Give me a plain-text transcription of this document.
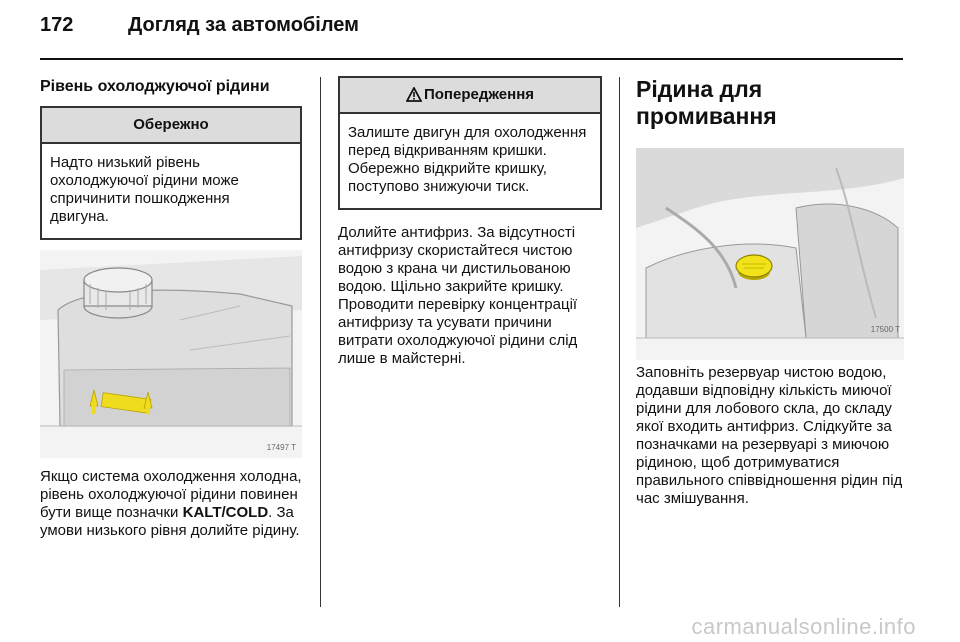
172	Догляд за автомобілем
Рівень охолоджуючої рідини
Обережно
Надто низький рівень охолоджуючої рідини може спричинити пошкодження двигуна.
17497 T
Якщо система охолодження холодна, рівень охолоджуючої рідини повинен бути вище позначки KALT/COLD. За умови низького рівня долийте рідину.
Попередження
Залиште двигун для охолодження перед відкриванням кришки. Обережно відкрийте кришку, поступово знижуючи тиск.
Долийте антифриз. За відсутності антифризу скористайтеся чистою водою з крана чи дистильованою водою. Щільно закрийте кришку. Проводити перевірку концентрації антифризу та усувати причини витрати охолоджуючої рідини слід лише в майстерні.
Рідина для промивання
17500 T
Заповніть резервуар чистою водою, додавши відповідну кількість миючої рідини для лобового скла, до складу якої входить антифриз. Слідкуйте за позначками на резервуарі з миючою рідиною, щоб дотримуватися правильного співвідношення рідин під час змішування.
carmanualsonline.info
